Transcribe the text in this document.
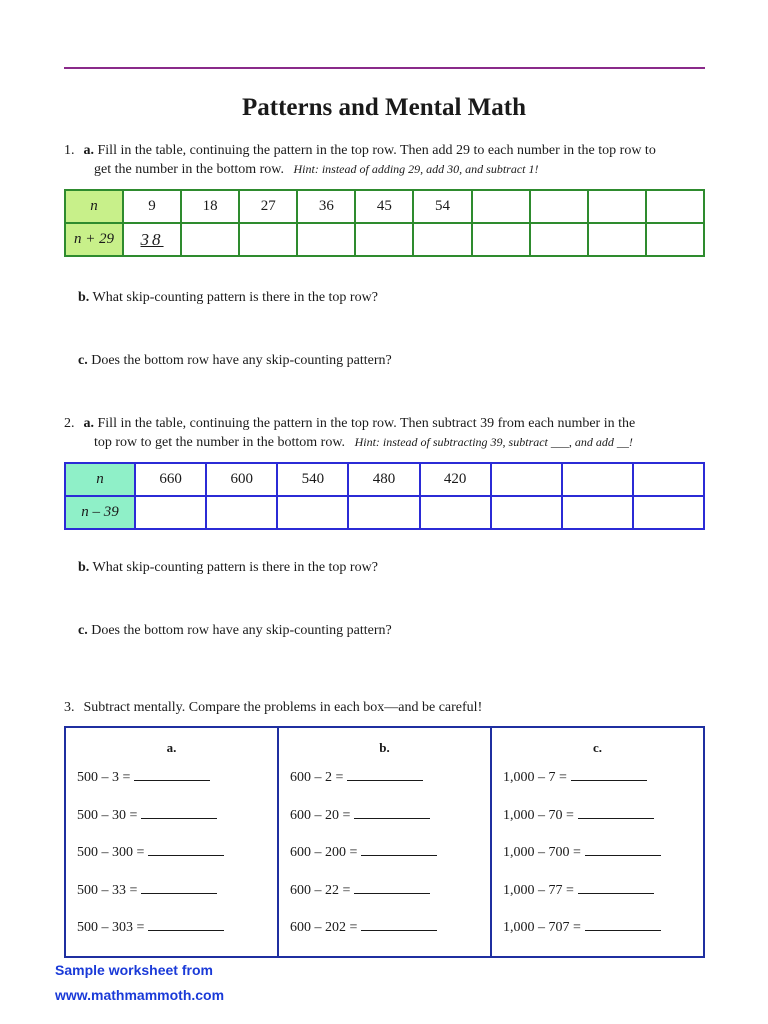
Patterns and Mental Math
1. a. Fill in the table, continuing the pattern in the top row. Then add 29 to each number in the top row to
get the number in the bottom row. Hint: instead of adding 29, add 30, and subtract 1!
n	9	18	27	36	45	54				
n + 29	38									
b. What skip-counting pattern is there in the top row?
c. Does the bottom row have any skip-counting pattern?
2. a. Fill in the table, continuing the pattern in the top row. Then subtract 39 from each number in the
top row to get the number in the bottom row. Hint: instead of subtracting 39, subtract ___, and add __!
n	660	600	540	480	420			
n – 39								
b. What skip-counting pattern is there in the top row?
c. Does the bottom row have any skip-counting pattern?
3. Subtract mentally. Compare the problems in each box—and be careful!
a.
500 – 3 =
500 – 30 =
500 – 300 =
500 – 33 =
500 – 303 =

b.
600 – 2 =
600 – 20 =
600 – 200 =
600 – 22 =
600 – 202 =

c.
1,000 – 7 =
1,000 – 70 =
1,000 – 700 =
1,000 – 77 =
1,000 – 707 =
Sample worksheet from
www.mathmammoth.com
